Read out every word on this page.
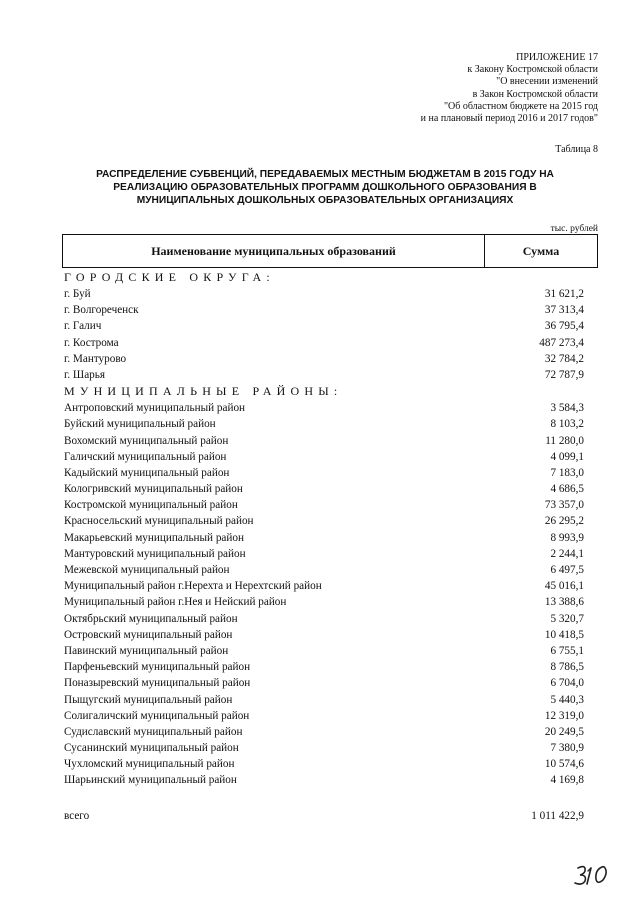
ПРИЛОЖЕНИЕ 17
к Закону Костромской области
"О внесении изменений
в Закон Костромской области
"Об областном бюджете на 2015 год
и на плановый период 2016 и 2017 годов"
Таблица 8
РАСПРЕДЕЛЕНИЕ СУБВЕНЦИЙ, ПЕРЕДАВАЕМЫХ МЕСТНЫМ БЮДЖЕТАМ В 2015 ГОДУ НА
РЕАЛИЗАЦИЮ ОБРАЗОВАТЕЛЬНЫХ ПРОГРАММ ДОШКОЛЬНОГО ОБРАЗОВАНИЯ В
МУНИЦИПАЛЬНЫХ ДОШКОЛЬНЫХ ОБРАЗОВАТЕЛЬНЫХ ОРГАНИЗАЦИЯХ
тыс. рублей
Наименование муниципальных образований	Сумма
ГОРОДСКИЕ ОКРУГА:
г. Буй	31 621,2
г. Волгореченск	37 313,4
г. Галич	36 795,4
г. Кострома	487 273,4
г. Мантурово	32 784,2
г. Шарья	72 787,9
МУНИЦИПАЛЬНЫЕ РАЙОНЫ:
Антроповский муниципальный район	3 584,3
Буйский муниципальный район	8 103,2
Вохомский муниципальный район	11 280,0
Галичский муниципальный район	4 099,1
Кадыйский муниципальный район	7 183,0
Кологривский муниципальный район	4 686,5
Костромской муниципальный район	73 357,0
Красносельский муниципальный район	26 295,2
Макарьевский муниципальный район	8 993,9
Мантуровский муниципальный район	2 244,1
Межевской муниципальный район	6 497,5
Муниципальный район г.Нерехта и Нерехтский район	45 016,1
Муниципальный район г.Нея и Нейский район	13 388,6
Октябрьский муниципальный район	5 320,7
Островский муниципальный район	10 418,5
Павинский муниципальный район	6 755,1
Парфеньевский муниципальный район	8 786,5
Поназыревский муниципальный район	6 704,0
Пыщугский муниципальный район	5 440,3
Солигаличский муниципальный район	12 319,0
Судиславский муниципальный район	20 249,5
Сусанинский муниципальный район	7 380,9
Чухломский муниципальный район	10 574,6
Шарьинский муниципальный район	4 169,8
всего	1 011 422,9
